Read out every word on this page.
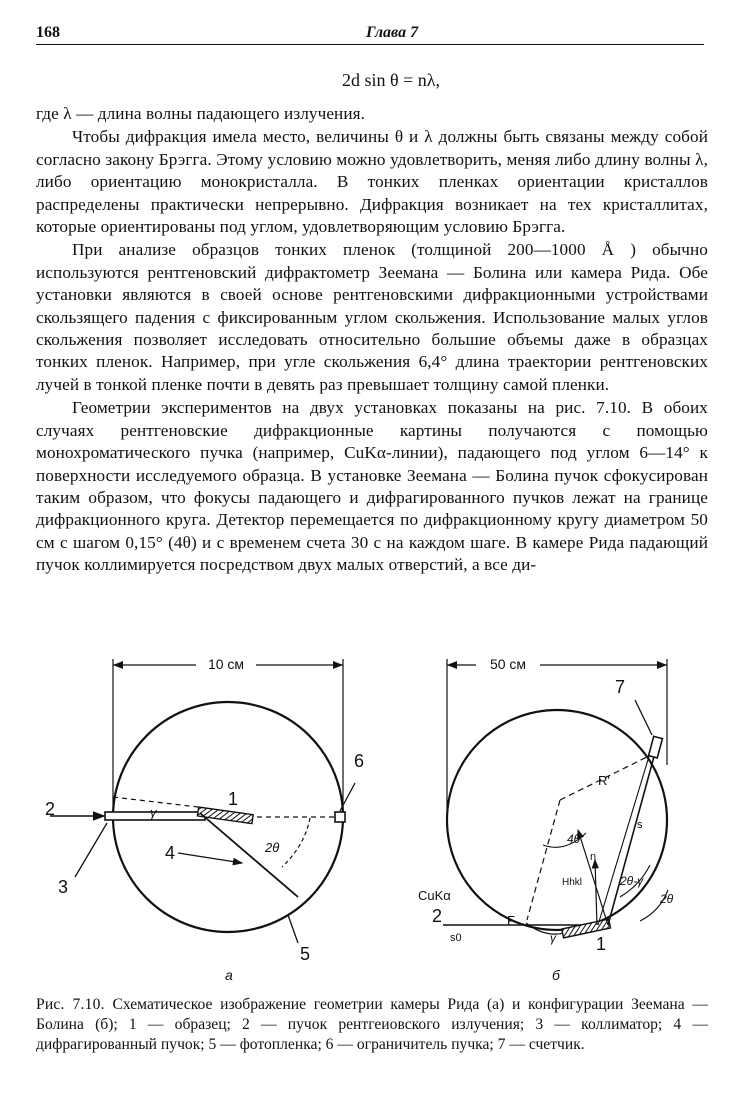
168	Глава 7
2d sin θ = nλ,

где λ — длина волны падающего излучения.

Чтобы дифракция имела место, величины θ и λ должны быть связаны между собой согласно закону Брэгга. Этому условию можно удовлетворить, меняя либо длину волны λ, либо ориентацию монокристалла. В тонких пленках ориентации кристаллов распределены практически непрерывно. Дифракция возникает на тех кристаллитах, которые ориентированы под углом, удовлетворяющим условию Брэгга.

При анализе образцов тонких пленок (толщиной 200—1000 Å ) обычно используются рентгеновский дифрактометр Зеемана — Болина или камера Рида. Обе установки являются в своей основе рентгеновскими дифракционными устройствами скользящего падения с фиксированным углом скольжения. Использование малых углов скольжения позволяет исследовать относительно большие объемы даже в образцах тонких пленок. Например, при угле скольжения 6,4° длина траектории рентгеновских лучей в тонкой пленке почти в девять раз превышает толщину самой пленки.

Геометрии экспериментов на двух установках показаны на рис. 7.10. В обоих случаях рентгеновские дифракционные картины получаются с помощью монохроматического пучка (например, CuKα-линии), падающего под углом 6—14° к поверхности исследуемого образца. В установке Зеемана — Болина пучок сфокусирован таким образом, что фокусы падающего и дифрагированного пучков лежат на границе дифракционного круга. Детектор перемещается по дифракционному кругу диаметром 50 см с шагом 0,15° (4θ) и с временем счета 30 с на каждом шаге. В камере Рида падающий пучок коллимируется посредством двух малых отверстий, а все ди-

10 см
1
2
3
4
5
6
γ
2θ
а
50 см
1
2
7
F
CuKα
R'
4θ
2θ-γ
2θ
γ
s
n
Hhkl
s0
б
Рис. 7.10. Схематическое изображение геометрии камеры Рида (а) и конфигурации Зеемана — Болина (б); 1 — образец; 2 — пучок рентгеиовского излучения; 3 — коллиматор; 4 — дифрагированный пучок; 5 — фотопленка; 6 — ограничитель пучка; 7 — счетчик.
